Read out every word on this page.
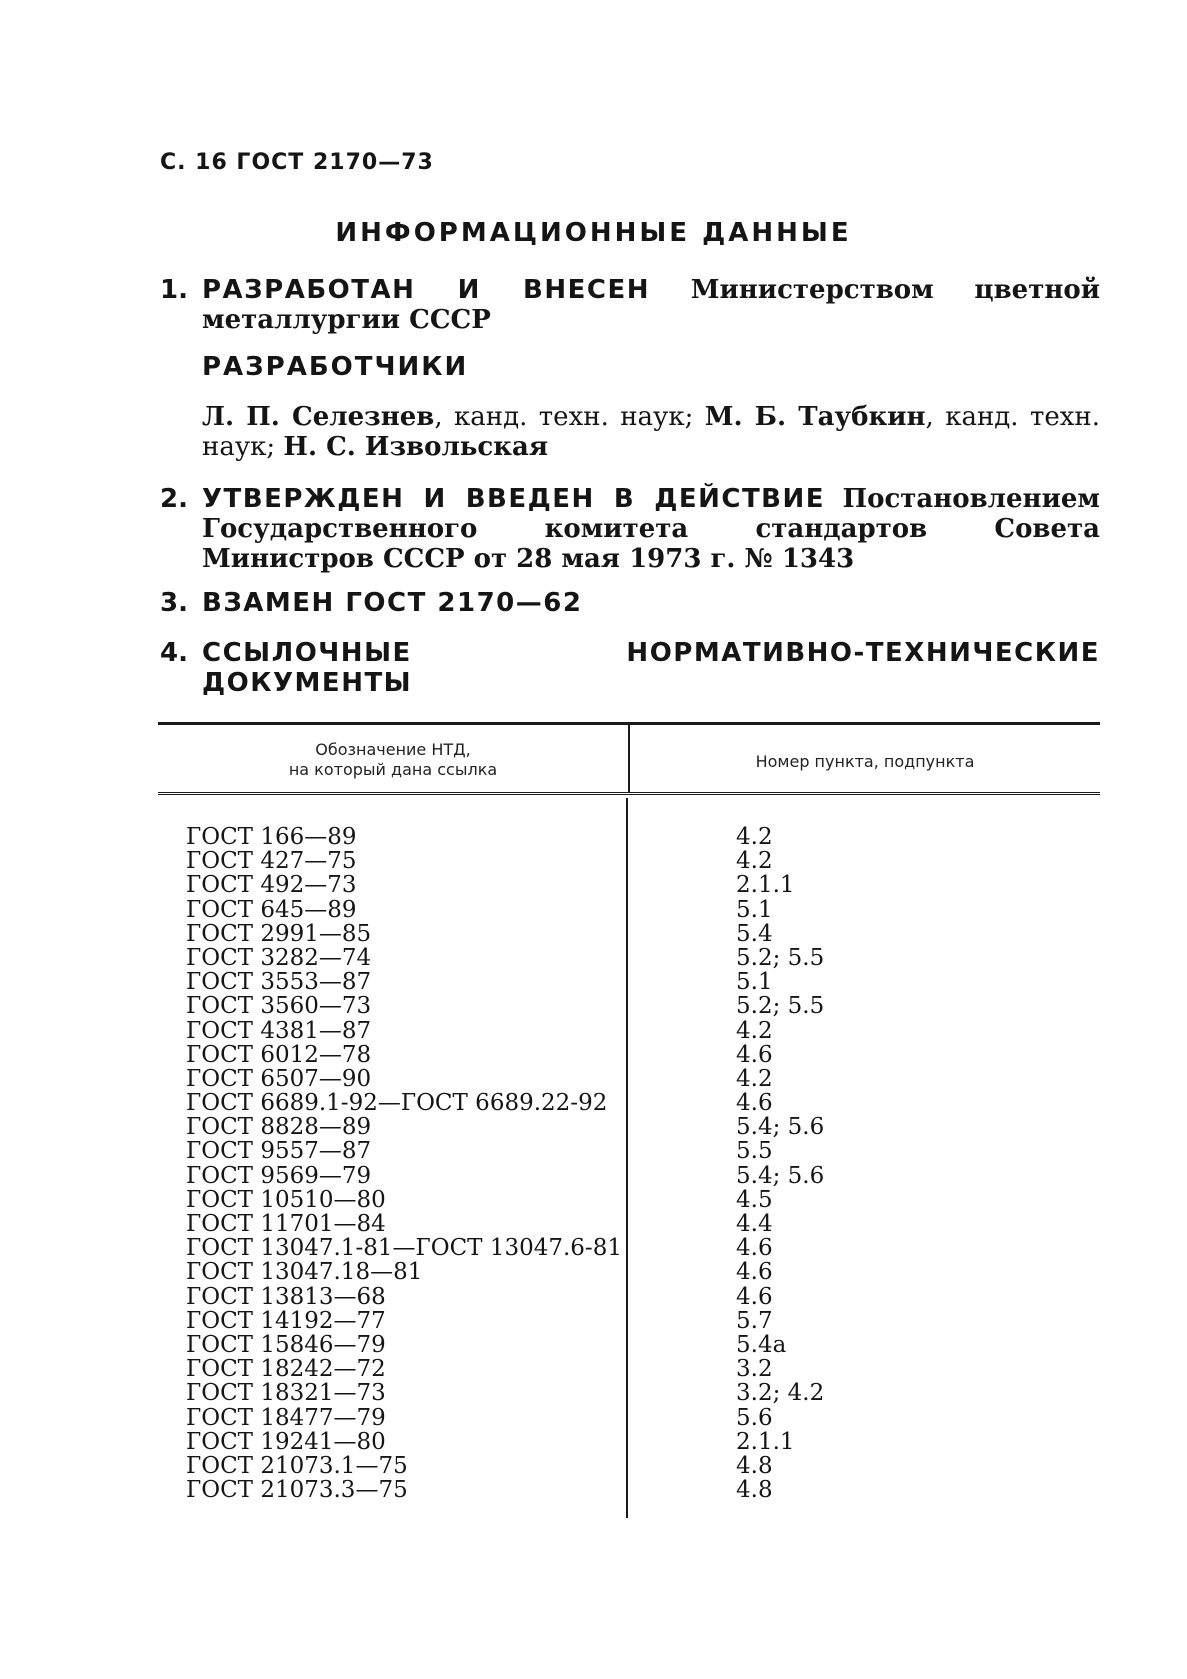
С. 16 ГОСТ 2170—73
ИНФОРМАЦИОННЫЕ ДАННЫЕ
1. РАЗРАБОТАН И ВНЕСЕН Министерством цветной металлургии СССР
РАЗРАБОТЧИКИ
Л. П. Селезнев, канд. техн. наук; М. Б. Таубкин, канд. техн. наук; Н. С. Извольская
2. УТВЕРЖДЕН И ВВЕДЕН В ДЕЙСТВИЕ Постановлением Государственного комитета стандартов Совета Министров СССР от 28 мая 1973 г. № 1343
3. ВЗАМЕН ГОСТ 2170—62
4. ССЫЛОЧНЫЕ НОРМАТИВНО-ТЕХНИЧЕСКИЕ ДОКУМЕНТЫ
Обозначение НТД,
на который дана ссылка	Номер пункта, подпункта
ГОСТ 166—89	4.2
ГОСТ 427—75	4.2
ГОСТ 492—73	2.1.1
ГОСТ 645—89	5.1
ГОСТ 2991—85	5.4
ГОСТ 3282—74	5.2; 5.5
ГОСТ 3553—87	5.1
ГОСТ 3560—73	5.2; 5.5
ГОСТ 4381—87	4.2
ГОСТ 6012—78	4.6
ГОСТ 6507—90	4.2
ГОСТ 6689.1-92—ГОСТ 6689.22-92	4.6
ГОСТ 8828—89	5.4; 5.6
ГОСТ 9557—87	5.5
ГОСТ 9569—79	5.4; 5.6
ГОСТ 10510—80	4.5
ГОСТ 11701—84	4.4
ГОСТ 13047.1-81—ГОСТ 13047.6-81	4.6
ГОСТ 13047.18—81	4.6
ГОСТ 13813—68	4.6
ГОСТ 14192—77	5.7
ГОСТ 15846—79	5.4а
ГОСТ 18242—72	3.2
ГОСТ 18321—73	3.2; 4.2
ГОСТ 18477—79	5.6
ГОСТ 19241—80	2.1.1
ГОСТ 21073.1—75	4.8
ГОСТ 21073.3—75	4.8
